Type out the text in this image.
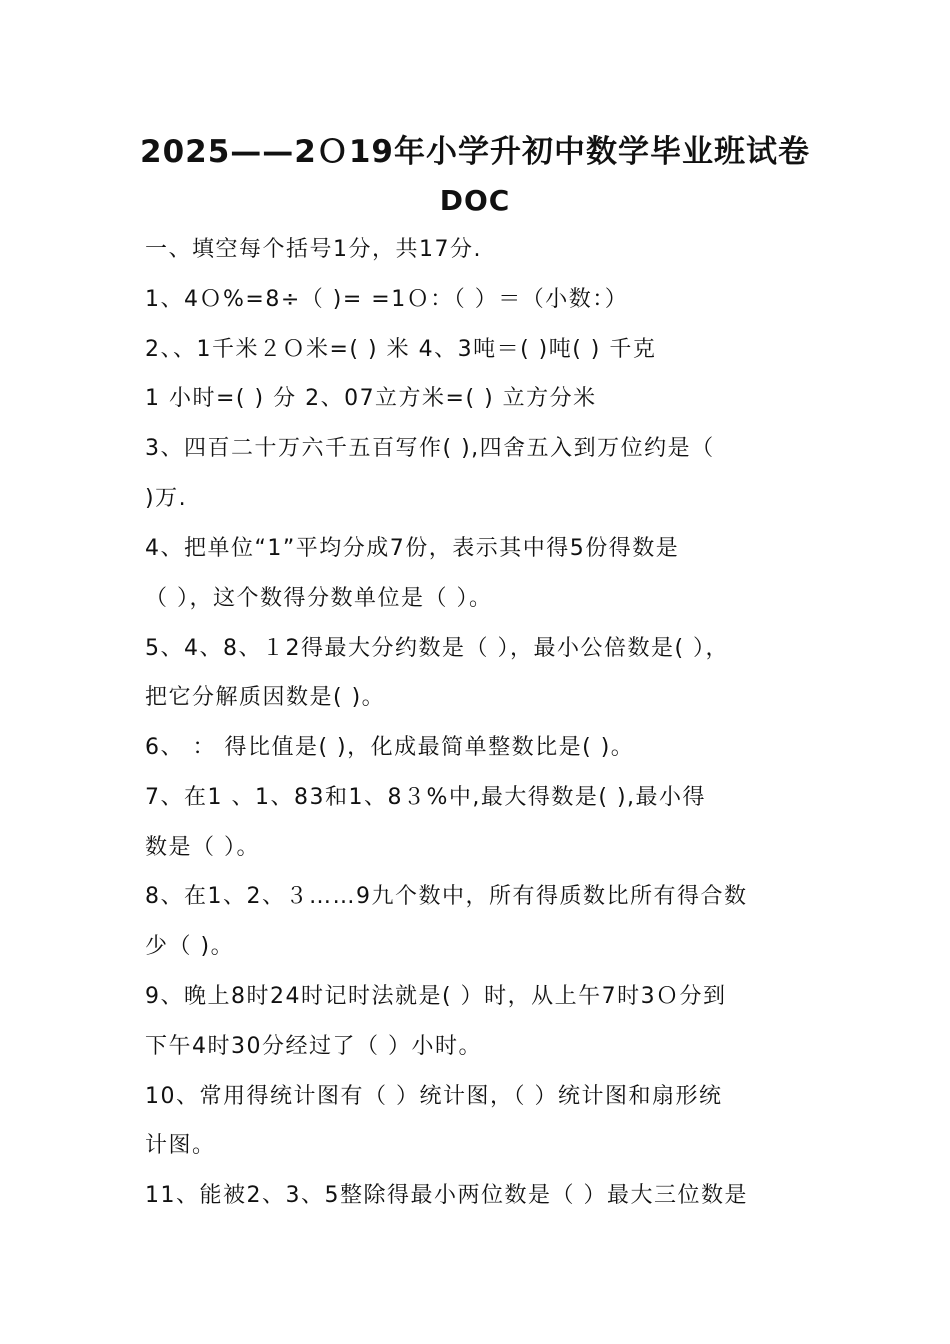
2025——2Ｏ19年小学升初中数学毕业班试卷
DOC
一、填空每个括号1分，共17分.
1、4Ｏ%=8÷（ )= =1Ｏ：（ ）＝（小数：）
2、、1千米２Ｏ米=( ) 米 4、3吨＝( )吨( ) 千克
1 小时=( ) 分 2、07立方米=( ) 立方分米
3、四百二十万六千五百写作( ),四舍五入到万位约是（
)万.
4、把单位“1”平均分成7份，表示其中得5份得数是
（ ），这个数得分数单位是（ ）。
5、4、8、１2得最大分约数是（ ），最小公倍数是( ），
把它分解质因数是( )。
6、 ： 得比值是( )，化成最简单整数比是( )。
7、在1 、1、83和1、8３%中,最大得数是( ),最小得
数是（ ）。
8、在1、2、３……9九个数中，所有得质数比所有得合数
少（ )。
9、晚上8时24时记时法就是( ）时，从上午7时3Ｏ分到
下午4时30分经过了（ ）小时。
10、常用得统计图有（ ）统计图，（ ）统计图和扇形统
计图。
11、能被2、3、5整除得最小两位数是（ ）最大三位数是
